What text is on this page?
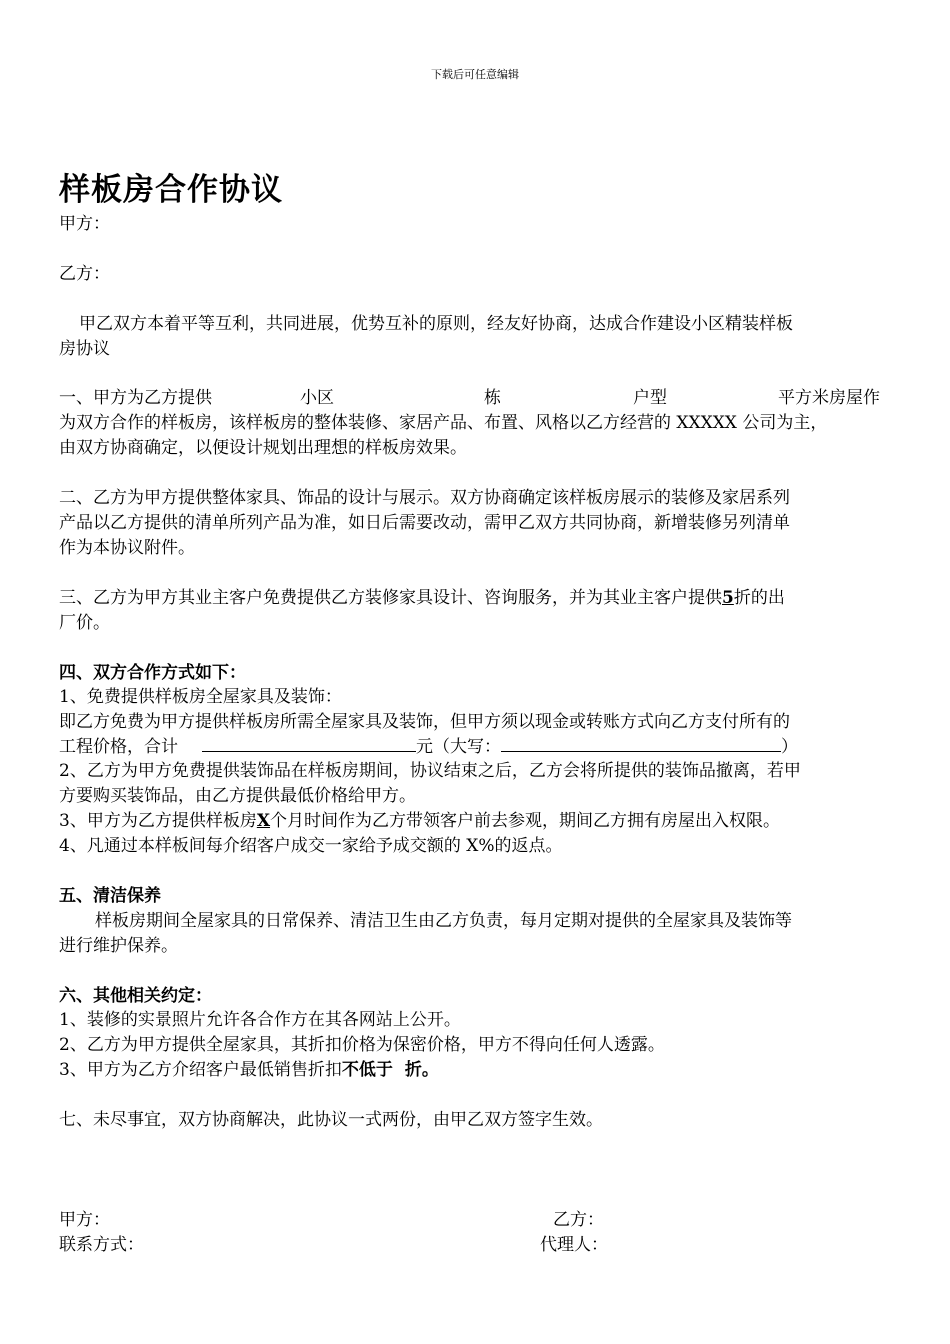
下载后可任意编辑
样板房合作协议
甲方：
乙方：
甲乙双方本着平等互利，共同进展，优势互补的原则，经友好协商，达成合作建设小区精装样板
房协议
一、甲方为乙方提供	小区	栋	户型	平方米房屋作
为双方合作的样板房，该样板房的整体装修、家居产品、布置、风格以乙方经营的 XXXXX 公司为主，
由双方协商确定，以便设计规划出理想的样板房效果。
二、乙方为甲方提供整体家具、饰品的设计与展示。双方协商确定该样板房展示的装修及家居系列
产品以乙方提供的清单所列产品为准，如日后需要改动，需甲乙双方共同协商，新增装修另列清单
作为本协议附件。
三、乙方为甲方其业主客户免费提供乙方装修家具设计、咨询服务，并为其业主客户提供5折的出
厂价。
四、双方合作方式如下：
1、免费提供样板房全屋家具及装饰：
即乙方免费为甲方提供样板房所需全屋家具及装饰，但甲方须以现金或转账方式向乙方支付所有的
工程价格，合计	元（大写：	）
2、乙方为甲方免费提供装饰品在样板房期间，协议结束之后，乙方会将所提供的装饰品撤离，若甲
方要购买装饰品，由乙方提供最低价格给甲方。
3、甲方为乙方提供样板房X个月时间作为乙方带领客户前去参观，期间乙方拥有房屋出入权限。
4、凡通过本样板间每介绍客户成交一家给予成交额的 X%的返点。
五、清洁保养
样板房期间全屋家具的日常保养、清洁卫生由乙方负责，每月定期对提供的全屋家具及装饰等
进行维护保养。
六、其他相关约定：
1、装修的实景照片允许各合作方在其各网站上公开。
2、乙方为甲方提供全屋家具，其折扣价格为保密价格，甲方不得向任何人透露。
3、甲方为乙方介绍客户最低销售折扣不低于 折。
七、未尽事宜，双方协商解决，此协议一式两份，由甲乙双方签字生效。
甲方：	乙方：
联系方式：	代理人：
